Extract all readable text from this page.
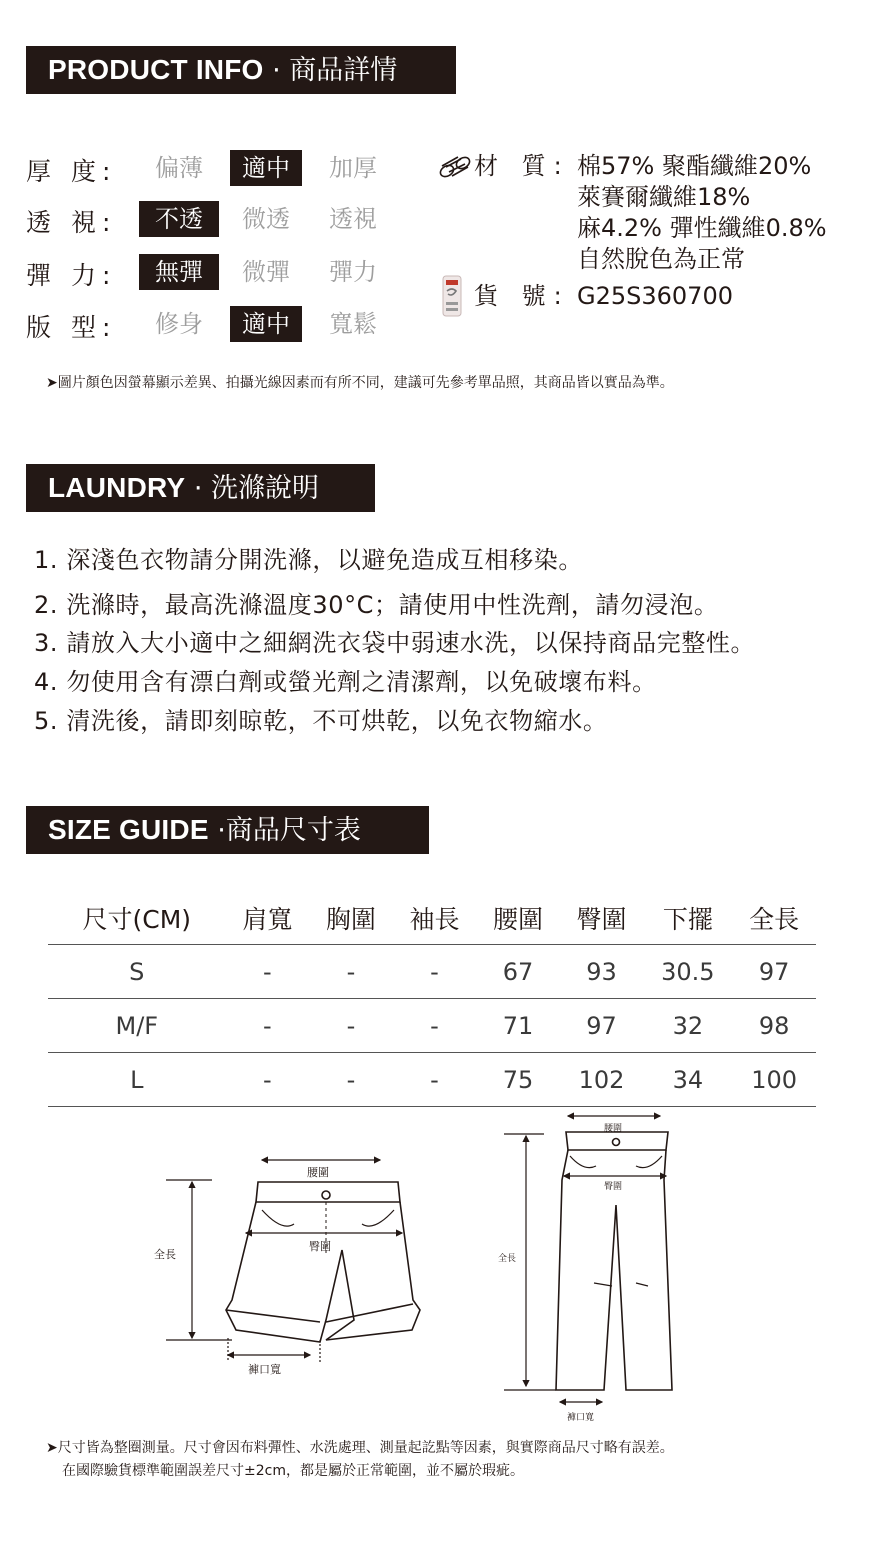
PRODUCT INFO · 商品詳情
厚 度:	偏薄	適中	加厚
透 視:	不透	微透	透視
彈 力:	無彈	微彈	彈力
版 型:	修身	適中	寬鬆
材 質: 棉57% 聚酯纖維20%
萊賽爾纖維18%
麻4.2% 彈性纖維0.8%
自然脫色為正常
貨 號: G25S360700
➤圖片顏色因螢幕顯示差異、拍攝光線因素而有所不同，建議可先參考單品照，其商品皆以實品為準。
LAUNDRY · 洗滌說明
1. 深淺色衣物請分開洗滌，以避免造成互相移染。
2. 洗滌時，最高洗滌溫度30°C；請使用中性洗劑，請勿浸泡。
3. 請放入大小適中之細網洗衣袋中弱速水洗，以保持商品完整性。
4. 勿使用含有漂白劑或螢光劑之清潔劑，以免破壞布料。
5. 清洗後，請即刻晾乾，不可烘乾，以免衣物縮水。
SIZE GUIDE ·商品尺寸表
尺寸(CM)	肩寬	胸圍	袖長	腰圍	臀圍	下擺	全長
S	-	-	-	67	93	30.5	97
M/F	-	-	-	71	97	32	98
L	-	-	-	75	102	34	100
腰圍
臀圍
全長
褲口寬
腰圍
臀圍
全長
褲口寬
➤尺寸皆為整圈測量。尺寸會因布料彈性、水洗處理、測量起訖點等因素，與實際商品尺寸略有誤差。
在國際驗貨標準範圍誤差尺寸±2cm，都是屬於正常範圍，並不屬於瑕疵。
